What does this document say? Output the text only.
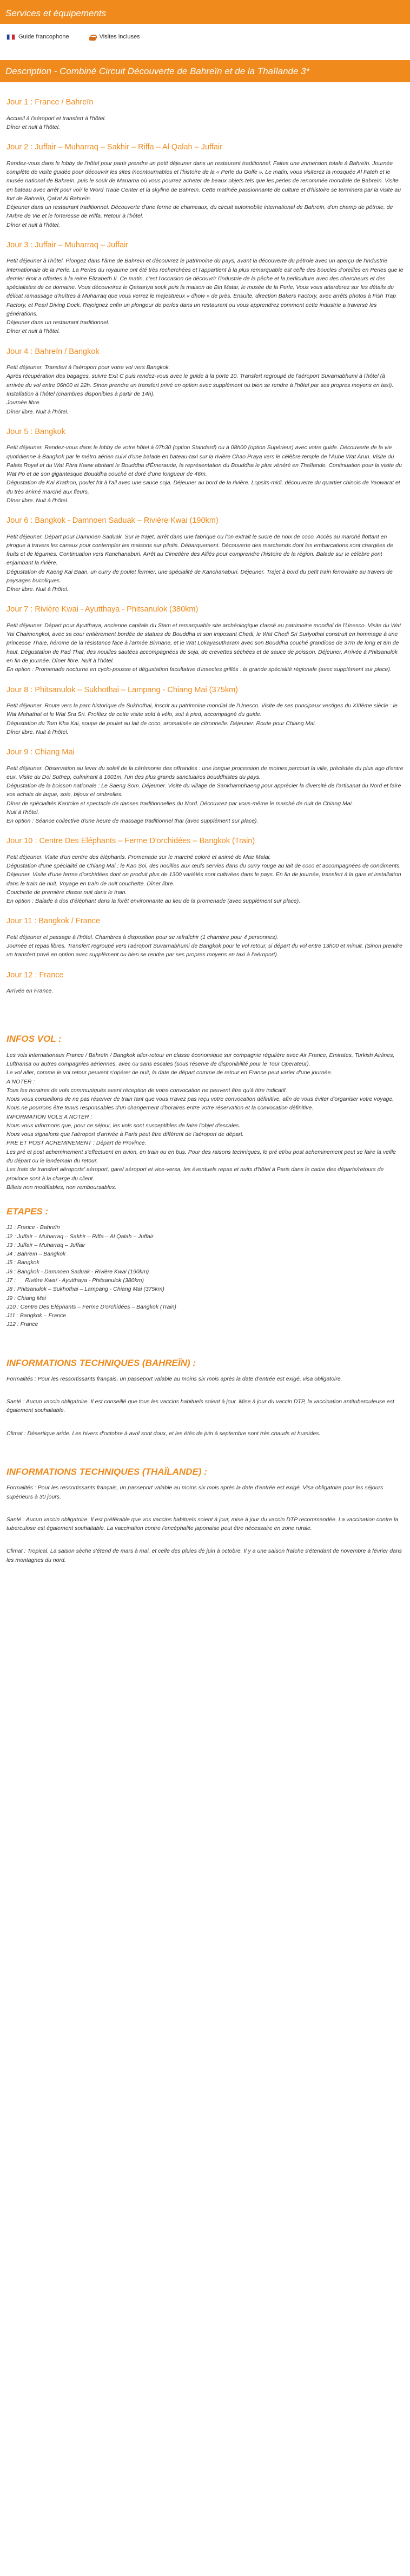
Services et équipements
Guide francophone	Visites incluses
Description - Combiné Circuit Découverte de Bahreïn et de la Thaïlande 3*
Jour 1 : France / Bahreïn

Accueil à l'aéroport et transfert à l'hôtel.
Dîner et nuit à l'hôtel.

Jour 2 : Juffair – Muharraq – Sakhir – Riffa – Al Qalah – Juffair

Rendez-vous dans le lobby de l'hôtel pour partir prendre un petit déjeuner dans un restaurant traditionnel. Faites une immersion totale à Bahreïn. Journée complète de visite guidée pour découvrir les sites incontournables et l'histoire de la « Perle du Golfe ». Le matin, vous visiterez la mosquée Al Fateh et le musée national de Bahreïn, puis le souk de Manama où vous pourrez acheter de beaux objets tels que les perles de renommée mondiale de Bahreïn. Visite en bateau avec arrêt pour voir le Word Trade Center et la skyline de Bahreïn. Cette matinée passionnante de culture et d'histoire se terminera par la visite au fort de Bahreïn, Qal'at Al Bahreïn.
Déjeuner dans un restaurant traditionnel. Découverte d'une ferme de chameaux, du circuit automobile international de Bahreïn, d'un champ de pétrole, de l'Arbre de Vie et le forteresse de Riffa. Retour à l'hôtel.
Dîner et nuit à l'hôtel.

Jour 3 : Juffair – Muharraq – Juffair

Petit déjeuner à l'hôtel. Plongez dans l'âme de Bahreïn et découvrez le patrimoine du pays, avant la découverte du pétrole avec un aperçu de l'industrie internationale de la Perle. La Perles du royaume ont été très recherchées et l'appartient à la plus remarquable est celle des boucles d'oreilles en Perles que le dernier émir a offertes à la reine Elizabeth II. Ce matin, c'est l'occasion de découvrir l'industrie de la pêche et la perliculture avec des chercheurs et des spécialistes de ce domaine. Vous découvrirez le Qaisariya souk puis la maison de Bin Matar, le musée de la Perle. Vous vous attarderez sur les détails du délicat ramassage d'huîtres à Muharraq que vous verrez le majestueux « dhow » de près. Ensuite, direction Bakers Factory, avec arrêts photos à Fish Trap Factory, et Pearl Diving Dock. Rejoignez enfin un plongeur de perles dans un restaurant ou vous apprendrez comment cette industrie a traversé les générations.
Déjeuner dans un restaurant traditionnel.
Dîner et nuit à l'hôtel.

Jour 4 : Bahreïn / Bangkok

Petit déjeuner. Transfert à l'aéroport pour votre vol vers Bangkok.
Après récupération des bagages, suivre Exit C puis rendez-vous avec le guide à la porte 10. Transfert regroupé de l'aéroport Suvarnabhumi à l'hôtel (à arrivée du vol entre 06h00 et 22h. Sinon prendre un transfert privé en option avec supplément ou bien se rendre à l'hôtel par ses propres moyens en taxi). Installation à l'hôtel (chambres disponibles à partir de 14h).
Journée libre.
Dîner libre. Nuit à l'hôtel.

Jour 5 : Bangkok

Petit déjeuner. Rendez-vous dans le lobby de votre hôtel à 07h30 (option Standard) ou à 08h00 (option Supérieur) avec votre guide. Découverte de la vie quotidienne à Bangkok par le métro aérien suivi d'une balade en bateau-taxi sur la rivière Chao Praya vers le célèbre temple de l'Aube Wat Arun. Visite du Palais Royal et du Wat Phra Kaew abritant le Bouddha d'Émeraude, la représentation du Bouddha le plus vénéré en Thaïlande. Continuation pour la visite du Wat Po et de son gigantesque Bouddha couché et doré d'une longueur de 46m.
Dégustation de Kai Krathon, poulet frit à l'ail avec une sauce soja. Déjeuner au bord de la rivière. Lopsits-midi, découverte du quartier chinois de Yaowarat et du très animé marché aux fleurs.
Dîner libre. Nuit à l'hôtel.

Jour 6 : Bangkok - Damnoen Saduak – Rivière Kwai (190km)

Petit déjeuner. Départ pour Damnoen Saduak. Sur le trajet, arrêt dans une fabrique ou l'on extrait le sucre de noix de coco. Accès au marché flottant en pirogue à travers les canaux pour contempler les maisons sur pilotis. Débarquement. Découverte des marchands dont les embarcations sont chargées de fruits et de légumes. Continuation vers Kanchanaburi. Arrêt au Cimetière des Alliés pour comprendre l'histoire de la région. Balade sur le célèbre pont enjambant la rivière.
Dégustation de Kaeng Kai Baan, un curry de poulet fermier, une spécialité de Kanchanaburi. Déjeuner. Trajet à bord du petit train ferroviaire au travers de paysages bucoliques.
Dîner libre. Nuit à l'hôtel.

Jour 7 : Rivière Kwai - Ayutthaya - Phitsanulok (380km)

Petit déjeuner. Départ pour Ayutthaya, ancienne capitale du Siam et remarquable site archéologique classé au patrimoine mondial de l'Unesco. Visite du Wat Yai Chaimongkol, avec sa cour entièrement bordée de statues de Bouddha et son imposant Chedi, le Wat Chedi Sri Suriyothai construit en hommage à une princesse Thaïe, héroïne de la résistance face à l'armée Birmane, et le Wat Lokayasutharam avec son Bouddha couché grandiose de 37m de long et 8m de haut. Dégustation de Pad Thaï, des nouilles sautées accompagnées de soja, de crevettes séchées et de sauce de poisson. Déjeuner. Arrivée à Phitsanulok en fin de journée. Dîner libre. Nuit à l'hôtel.
En option : Promenade nocturne en cyclo-pousse et dégustation facultative d'insectes grillés : la grande spécialité régionale (avec supplément sur place).

Jour 8 : Phitsanulok – Sukhothai – Lampang - Chiang Mai (375km)

Petit déjeuner. Route vers la parc historique de Sukhothai, inscrit au patrimoine mondial de l'Unesco. Visite de ses principaux vestiges du XIIIème siècle : le Wat Mahathat et le Wat Sra Sri. Profitez de cette visite sold à vélo, soit à pied, accompagné du guide.
Dégustation du Tom Kha Kai, soupe de poulet au lait de coco, aromatisée de citronnelle. Déjeuner. Route pour Chiang Mai.
Dîner libre. Nuit à l'hôtel.

Jour 9 : Chiang Mai

Petit déjeuner. Observation au lever du soleil de la cérémonie des offrandes : une longue procession de moines parcourt la ville, précédée du plus ago d'entre eux. Visite du Doi Suthep, culminant à 1601m, l'un des plus grands sanctuaires bouddhistes du pays.
Dégustation de la boisson nationale : Le Saeng Som. Déjeuner. Visite du village de Sankhamphaeng pour apprécier la diversité de l'artisanat du Nord et faire vos achats de laque, soie, bijoux et ombrelles.
Dîner de spécialités Kantoke et spectacle de danses traditionnelles du Nord. Découvrez par vous-même le marché de nuit de Chiang Mai.
Nuit à l'hôtel.
En option : Séance collective d'une heure de massage traditionnel thaï (avec supplément sur place).

Jour 10 : Centre Des Eléphants – Ferme D'orchidées – Bangkok (Train)

Petit déjeuner. Visite d'un centre des éléphants. Promenade sur le marché coloré et animé de Mae Malai.
Dégustation d'une spécialité de Chiang Mai : le Kao Soi, des nouilles aux œufs servies dans du curry rouge au lait de coco et accompagnées de condiments. Déjeuner. Visite d'une ferme d'orchidées dont on produit plus de 1300 variétés sont cultivées dans le pays. En fin de journée, transfert à la gare et installation dans le train de nuit. Voyage en train de nuit couchette. Dîner libre.
Couchette de première classe nuit dans le train.
En option : Balade à dos d'éléphant dans la forêt environnante au lieu de la promenade (avec supplément sur place).

Jour 11 : Bangkok / France

Petit déjeuner et passage à l'hôtel. Chambres à disposition pour se rafraîchir (1 chambre pour 4 personnes).
Journée et repas libres. Transfert regroupé vers l'aéroport Suvarnabhumi de Bangkok pour le vol retour, si départ du vol entre 13h00 et minuit. (Sinon prendre un transfert privé en option avec supplément ou bien se rendre par ses propres moyens en taxi à l'aéroport).

Jour 12 : France

Arrivée en France.

INFOS VOL :

Les vols internationaux France / Bahreïn / Bangkok aller-retour en classe économique sur compagnie régulière avec Air France, Emirates, Turkish Airlines, Lufthansa ou autres compagnies aériennes, avec ou sans escales (sous réserve de disponibilité pour le Tour Operateur).
Le vol aller, comme le vol retour peuvent s'opérer de nuit, la date de départ comme de retour en France peut varier d'une journée.
A NOTER :
Tous les horaires de vols communiqués avant réception de votre convocation ne peuvent être qu'à titre indicatif.
Nous vous conseillons de ne pas réserver de train tant que vous n'avez pas reçu votre convocation définitive, afin de vous éviter d'organiser votre voyage.
Nous ne pourrons être tenus responsables d'un changement d'horaires entre votre réservation et la convocation définitive.
INFORMATION VOLS A NOTER :
Nous vous informons que, pour ce séjour, les vols sont susceptibles de faire l'objet d'escales.
Nous vous signalons que l'aéroport d'arrivée à Paris peut être différent de l'aéroport de départ.
PRE ET POST ACHEMINEMENT : Départ de Province.
Les pré et post acheminement s'effectuent en avion, en train ou en bus. Pour des raisons techniques, le pré et/ou post acheminement peut se faire la veille du départ ou le lendemain du retour.
Les frais de transfert aéroports' aéroport, gare/ aéroport et vice-versa, les éventuels repas et nuits d'hôtel à Paris dans le cadre des départs/retours de province sont à la charge du client.
Billets non modifiables, non remboursables.

ETAPES :

J1 : France - Bahreïn

J2 : Juffair – Muharraq – Sakhir – Riffa – Al Qalah – Juffair

J3 : Juffair – Muharraq – Juffair

J4 : Bahreïn – Bangkok

J5 : Bangkok

J6 : Bangkok - Damnoen Saduak - Rivière Kwai (190km)

J7 :      Rivière Kwaï - Ayutthaya - Phitsanulok (380km)

J8 : Phitsanulok – Sukhothai – Lampang - Chiang Mai (375km)

J9 : Chiang Mai

J10 : Centre Des Éléphants – Ferme D'orchidées – Bangkok (Train)

J11 : Bangkok – France

J12 : France

INFORMATIONS TECHNIQUES (BAHREÏN) :

Formalités : Pour les ressortissants français, un passeport valable au moins six mois après la date d'entrée est exigé, visa obligatoire.

Santé : Aucun vaccin obligatoire. Il est conseillé que tous les vaccins habituels soient à jour. Mise à jour du vaccin DTP, la vaccination antituberculeuse est également souhaitable.

Climat : Désertique aride. Les hivers d'octobre à avril sont doux, et les étés de juin à septembre sont très chauds et humides.

INFORMATIONS TECHNIQUES (THAÏLANDE) :

Formalités : Pour les ressortissants français, un passeport valable au moins six mois après la date d'entrée est exigé. Visa obligatoire pour les séjours supérieurs à 30 jours.

Santé : Aucun vaccin obligatoire. Il est préférable que vos vaccins habituels soient à jour, mise à jour du vaccin DTP recommandée. La vaccination contre la tuberculose est également souhaitable. La vaccination contre l'encéphalite japonaise peut être nécessaire en zone rurale.

Climat : Tropical. La saison sèche s'étend de mars à mai, et celle des pluies de juin à octobre. Il y a une saison fraîche s'étendant de novembre à février dans les montagnes du nord.
